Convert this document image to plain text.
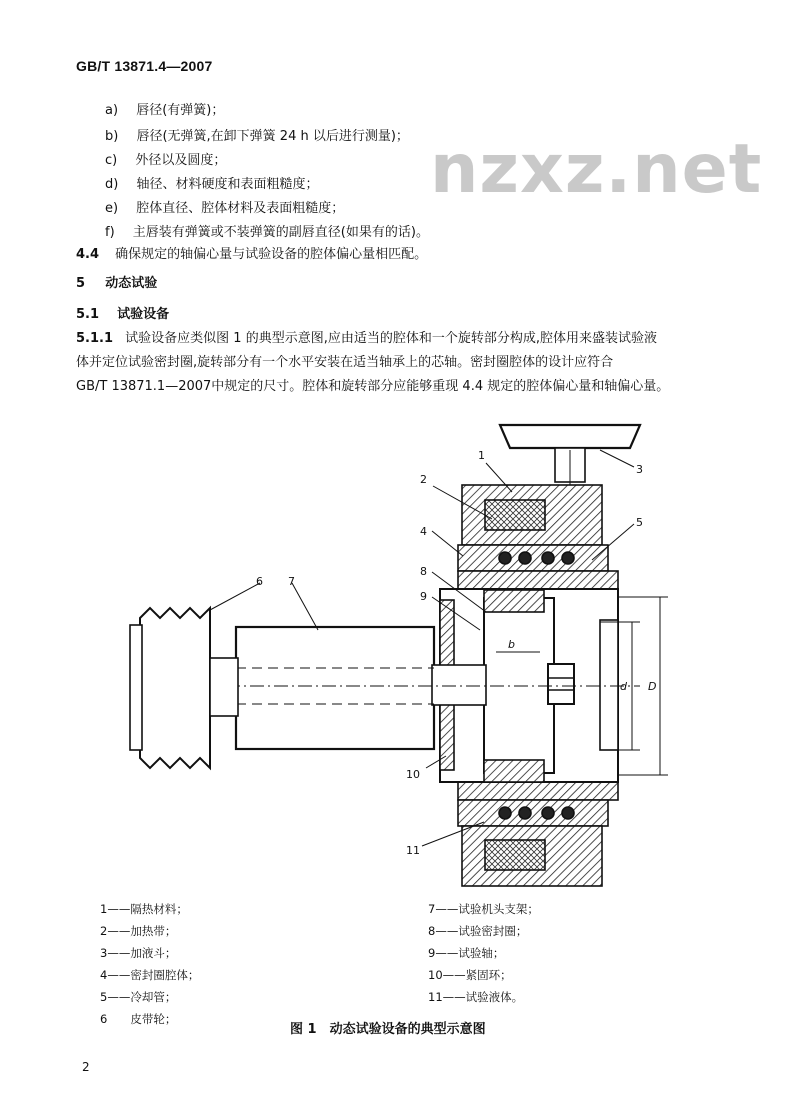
GB/T 13871.4—2007
nzxz.net
a) 唇径(有弹簧)；
b) 唇径(无弹簧,在卸下弹簧 24 h 以后进行测量)；
c) 外径以及圆度；
d) 轴径、材料硬度和表面粗糙度；
e) 腔体直径、腔体材料及表面粗糙度；
f) 主唇装有弹簧或不装弹簧的副唇直径(如果有的话)。
4.4 确保规定的轴偏心量与试验设备的腔体偏心量相匹配。
5 动态试验
5.1 试验设备
5.1.1 试验设备应类似图 1 的典型示意图,应由适当的腔体和一个旋转部分构成,腔体用来盛装试验液
体并定位试验密封圈,旋转部分有一个水平安装在适当轴承上的芯轴。密封圈腔体的设计应符合
GB/T 13871.1—2007中规定的尺寸。腔体和旋转部分应能够重现 4.4 规定的腔体偏心量和轴偏心量。
1
2
3
4
5
6 7
8
9
10
11
b
d D
1——隔热材料；
2——加热带；
3——加液斗；
4——密封圈腔体；
5——冷却管；
6　　皮带轮；
7——试验机头支架；
8——试验密封圈；
9——试验轴；
10——紧固环；
11——试验液体。
图 1　动态试验设备的典型示意图
2
